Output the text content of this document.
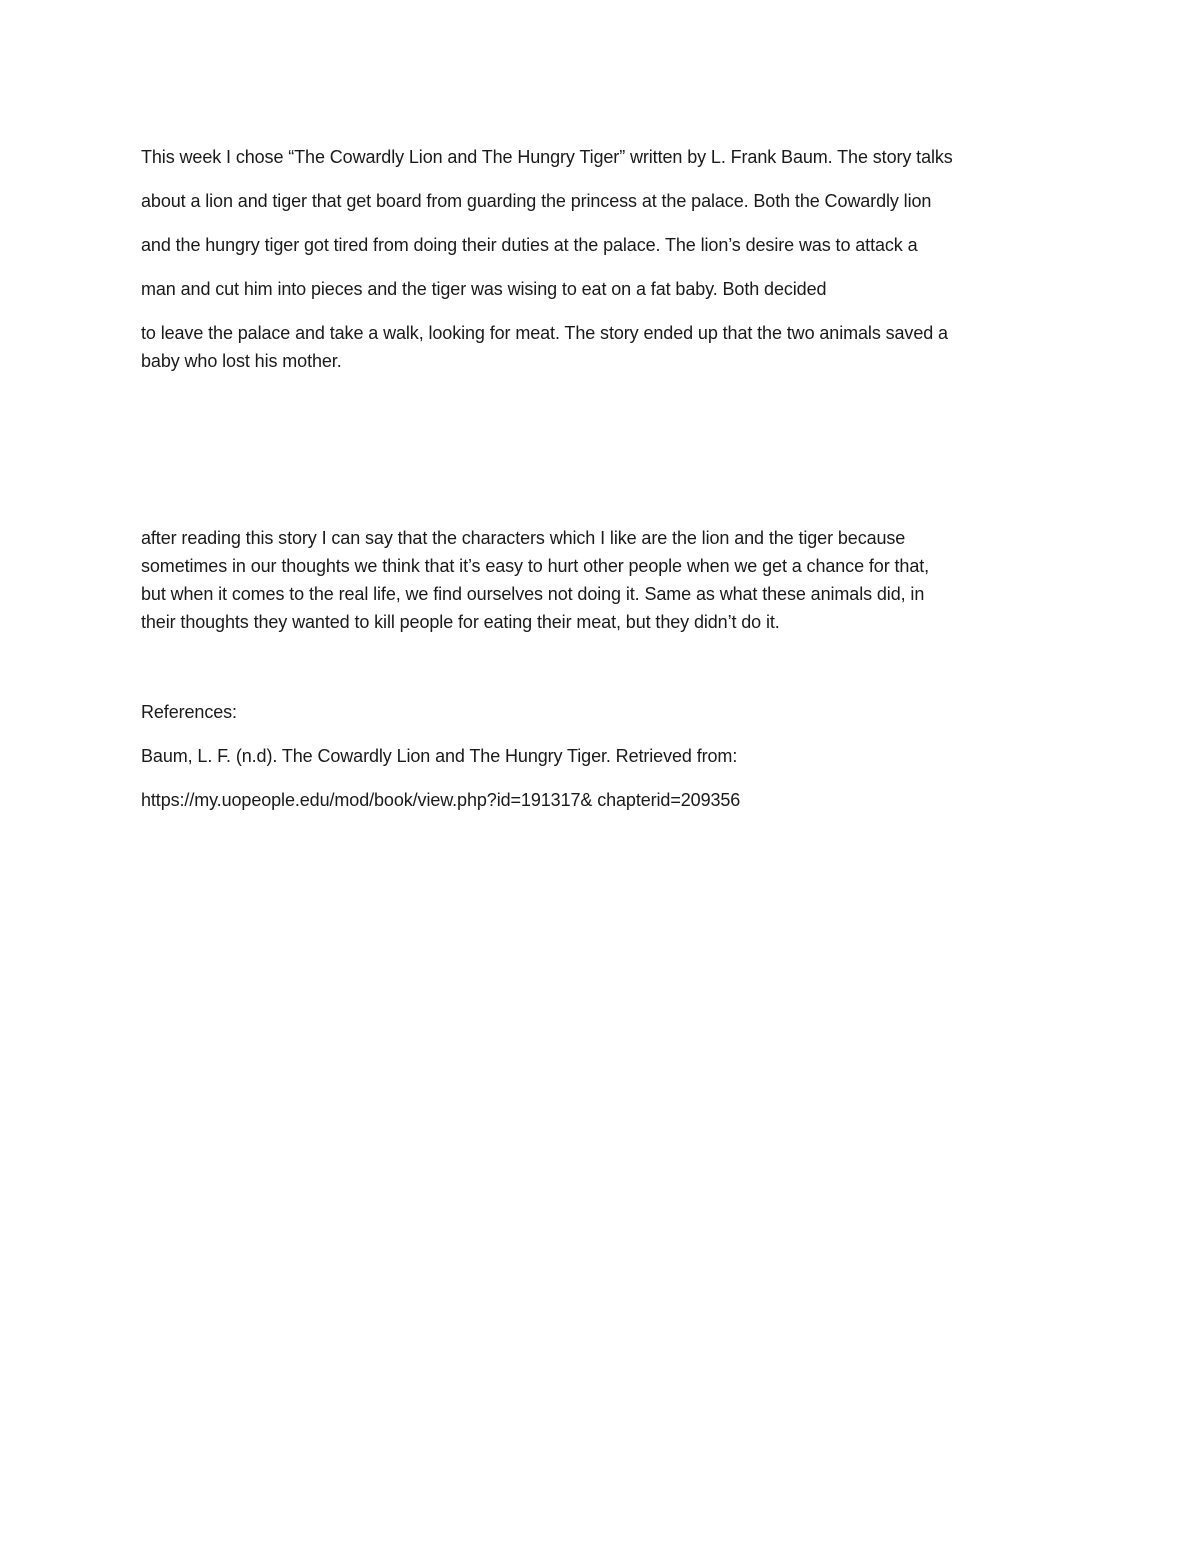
This week I chose “The Cowardly Lion and The Hungry Tiger” written by L. Frank Baum. The story talks
about a lion and tiger that get board from guarding the princess at the palace. Both the Cowardly lion
and the hungry tiger got tired from doing their duties at the palace. The lion’s desire was to attack a
man and cut him into pieces and the tiger was wising to eat on a fat baby. Both decided
to leave the palace and take a walk, looking for meat. The story ended up that the two animals saved a
baby who lost his mother.
after reading this story I can say that the characters which I like are the lion and the tiger because
sometimes in our thoughts we think that it’s easy to hurt other people when we get a chance for that,
but when it comes to the real life, we find ourselves not doing it. Same as what these animals did, in
their thoughts they wanted to kill people for eating their meat, but they didn’t do it.
References:
Baum, L. F. (n.d). The Cowardly Lion and The Hungry Tiger. Retrieved from:
https://my.uopeople.edu/mod/book/view.php?id=191317& chapterid=209356
